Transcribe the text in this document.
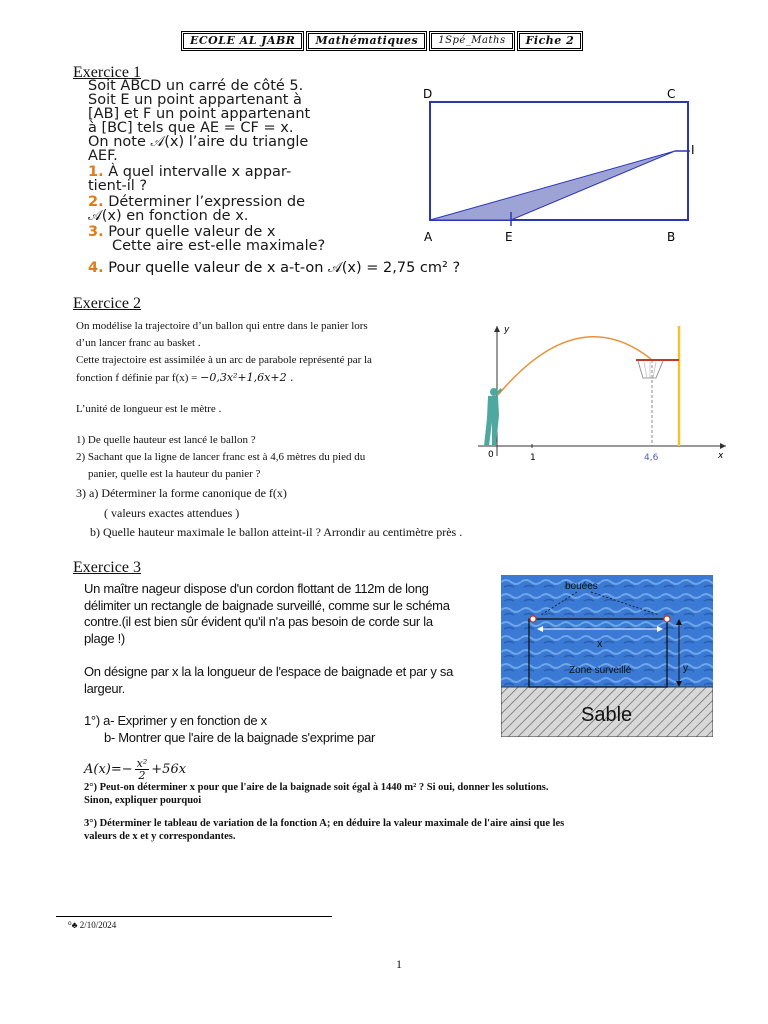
ECOLE AL JABR	Mathématiques	1Spé_Maths	Fiche 2
Exercice 1
Soit ABCD un carré de côté 5.
Soit E un point appartenant à
[AB] et F un point appartenant
à [BC] tels que AE = CF = x.
On note 𝒜(x) l’aire du triangle
AEF.
1. À quel intervalle x appar-
tient-il ?
2. Déterminer l’expression de
𝒜(x) en fonction de x.
3. Pour quelle valeur de x
Cette aire est-elle maximale?
4. Pour quelle valeur de x a-t-on 𝒜(x) = 2,75 cm² ?
D	C
I
A	E	B
Exercice 2

On modélise la trajectoire d’un ballon qui entre dans le panier lors

d’un lancer franc au basket .

Cette trajectoire est assimilée à un arc de parabole représenté par la

fonction f définie par f(x) = −0,3x²+1,6x+2 .

L’unité de longueur est le mètre .

1) De quelle hauteur est lancé le ballon ?

2) Sachant que la ligne de lancer franc est à 4,6 mètres du pied du

panier, quelle est la hauteur du panier ?

3) a) Déterminer la forme canonique de f(x)
( valeurs exactes attendues )
b) Quelle hauteur maximale le ballon atteint-il ? Arrondir au centimètre près .
y
x
0	1	4,6
Exercice 3

Un maître nageur dispose d'un cordon flottant de 112m de long

délimiter un rectangle de baignade surveillé, comme sur le schéma

contre.(il est bien sûr évident qu'il n'a pas besoin de corde sur la

plage !)

On désigne par x la la longueur de l'espace de baignade et par y sa

largeur.

1°) a- Exprimer y en fonction de x

b- Montrer que l'aire de la baignade s'exprime par

$A(x)=- \frac{\text{x²}}{2} +56x$
2°) Peut-on déterminer x pour que l'aire de la baignade soit égal à 1440 m² ? Si oui, donner les solutions.
Sinon, expliquer pourquoi
3°) Déterminer le tableau de variation de la fonction A; en déduire la valeur maximale de l'aire ainsi que les
valeurs de x et y correspondantes.
x
y
bouées
Zone surveillé
Sable
⁰♣ 2/10/2024
1
